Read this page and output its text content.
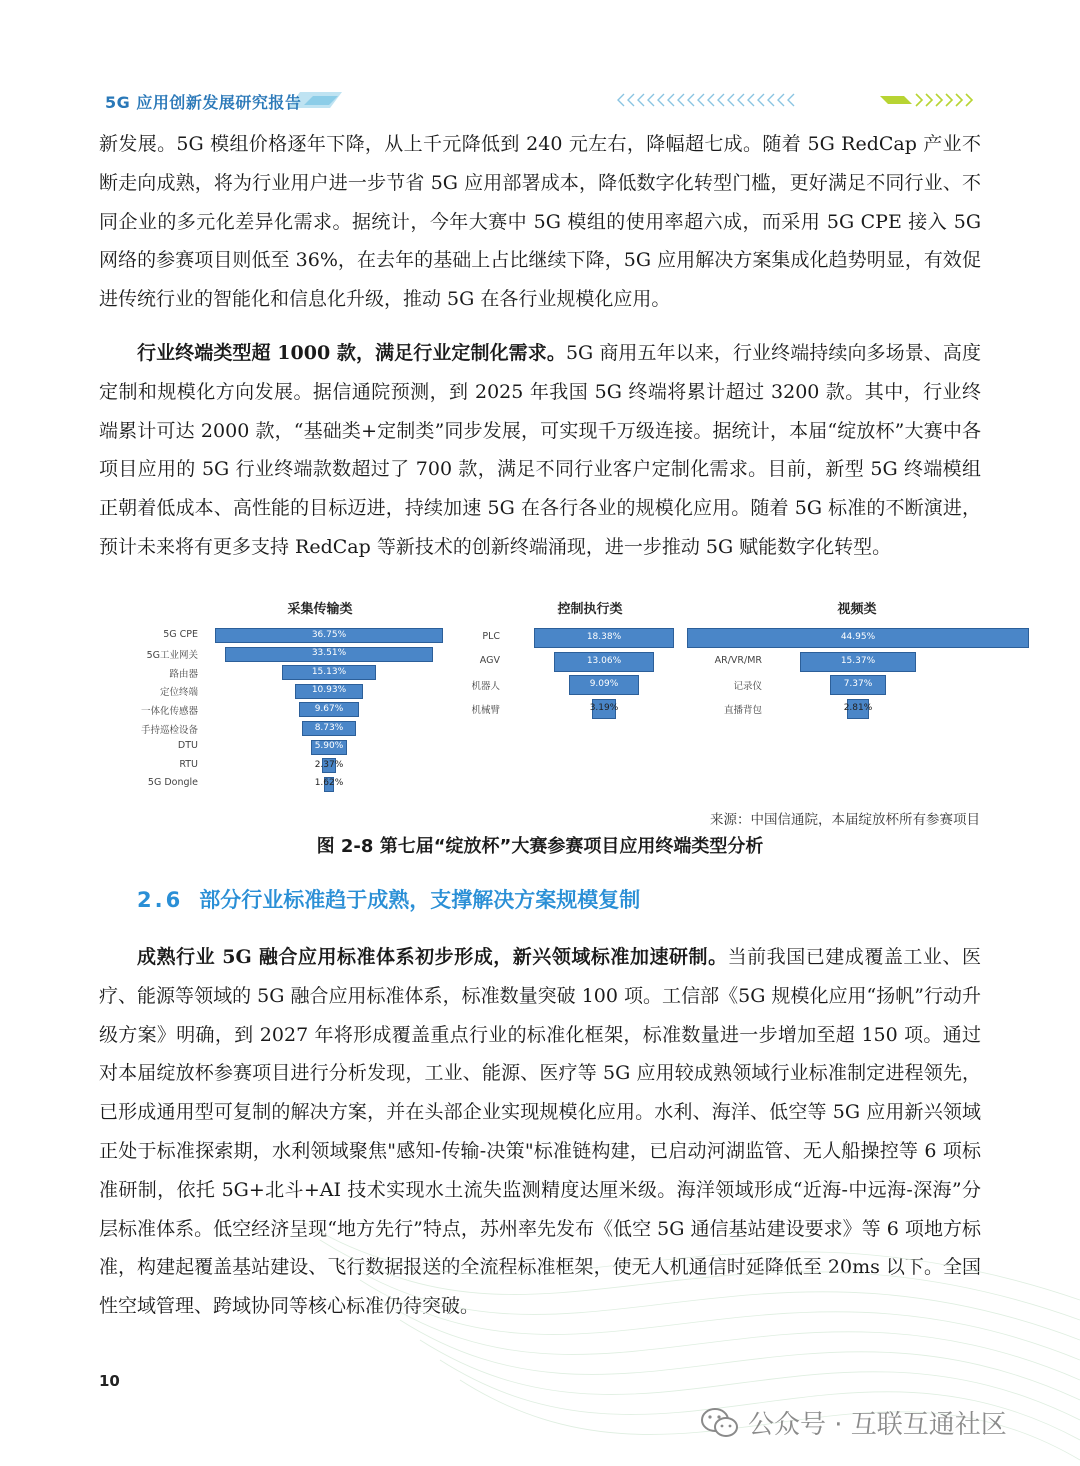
5G 应用创新发展研究报告
新发展。5G 模组价格逐年下降，从上千元降低到 240 元左右，降幅超七成。随着 5G RedCap 产业不断走向成熟，将为行业用户进一步节省 5G 应用部署成本，降低数字化转型门槛，更好满足不同行业、不同企业的多元化差异化需求。据统计，今年大赛中 5G 模组的使用率超六成，而采用 5G CPE 接入 5G 网络的参赛项目则低至 36%，在去年的基础上占比继续下降，5G 应用解决方案集成化趋势明显，有效促进传统行业的智能化和信息化升级，推动 5G 在各行业规模化应用。
行业终端类型超 1000 款，满足行业定制化需求。5G 商用五年以来，行业终端持续向多场景、高度定制和规模化方向发展。据信通院预测，到 2025 年我国 5G 终端将累计超过 3200 款。其中，行业终端累计可达 2000 款，“基础类+定制类”同步发展，可实现千万级连接。据统计，本届“绽放杯”大赛中各项目应用的 5G 行业终端款数超过了 700 款，满足不同行业客户定制化需求。目前，新型 5G 终端模组正朝着低成本、高性能的目标迈进，持续加速 5G 在各行各业的规模化应用。随着 5G 标准的不断演进，预计未来将有更多支持 RedCap 等新技术的创新终端涌现，进一步推动 5G 赋能数字化转型。
采集传输类
5G CPE	36.75%
5G工业网关	33.51%
路由器	15.13%
定位终端	10.93%
一体化传感器	9.67%
手持巡检设备	8.73%
DTU	5.90%
RTU	2.37%
5G Dongle	1.62%
控制执行类
PLC	18.38%
AGV	13.06%
机器人	9.09%
机械臂	3.19%
视频类
44.95%
AR/VR/MR	15.37%
记录仪	7.37%
直播背包	2.81%
来源：中国信通院，本届绽放杯所有参赛项目
图 2-8 第七届“绽放杯”大赛参赛项目应用终端类型分析
2.6 部分行业标准趋于成熟，支撑解决方案规模复制
成熟行业 5G 融合应用标准体系初步形成，新兴领域标准加速研制。当前我国已建成覆盖工业、医疗、能源等领域的 5G 融合应用标准体系，标准数量突破 100 项。工信部《5G 规模化应用“扬帆”行动升级方案》明确，到 2027 年将形成覆盖重点行业的标准化框架，标准数量进一步增加至超 150 项。通过对本届绽放杯参赛项目进行分析发现，工业、能源、医疗等 5G 应用较成熟领域行业标准制定进程领先，已形成通用型可复制的解决方案，并在头部企业实现规模化应用。水利、海洋、低空等 5G 应用新兴领域正处于标准探索期，水利领域聚焦"感知-传输-决策"标准链构建，已启动河湖监管、无人船操控等 6 项标准研制，依托 5G+北斗+AI 技术实现水土流失监测精度达厘米级。海洋领域形成“近海-中远海-深海”分层标准体系。低空经济呈现“地方先行”特点，苏州率先发布《低空 5G 通信基站建设要求》等 6 项地方标准，构建起覆盖基站建设、飞行数据报送的全流程标准框架，使无人机通信时延降低至 20ms 以下。全国性空域管理、跨域协同等核心标准仍待突破。
10
公众号 · 互联互通社区
